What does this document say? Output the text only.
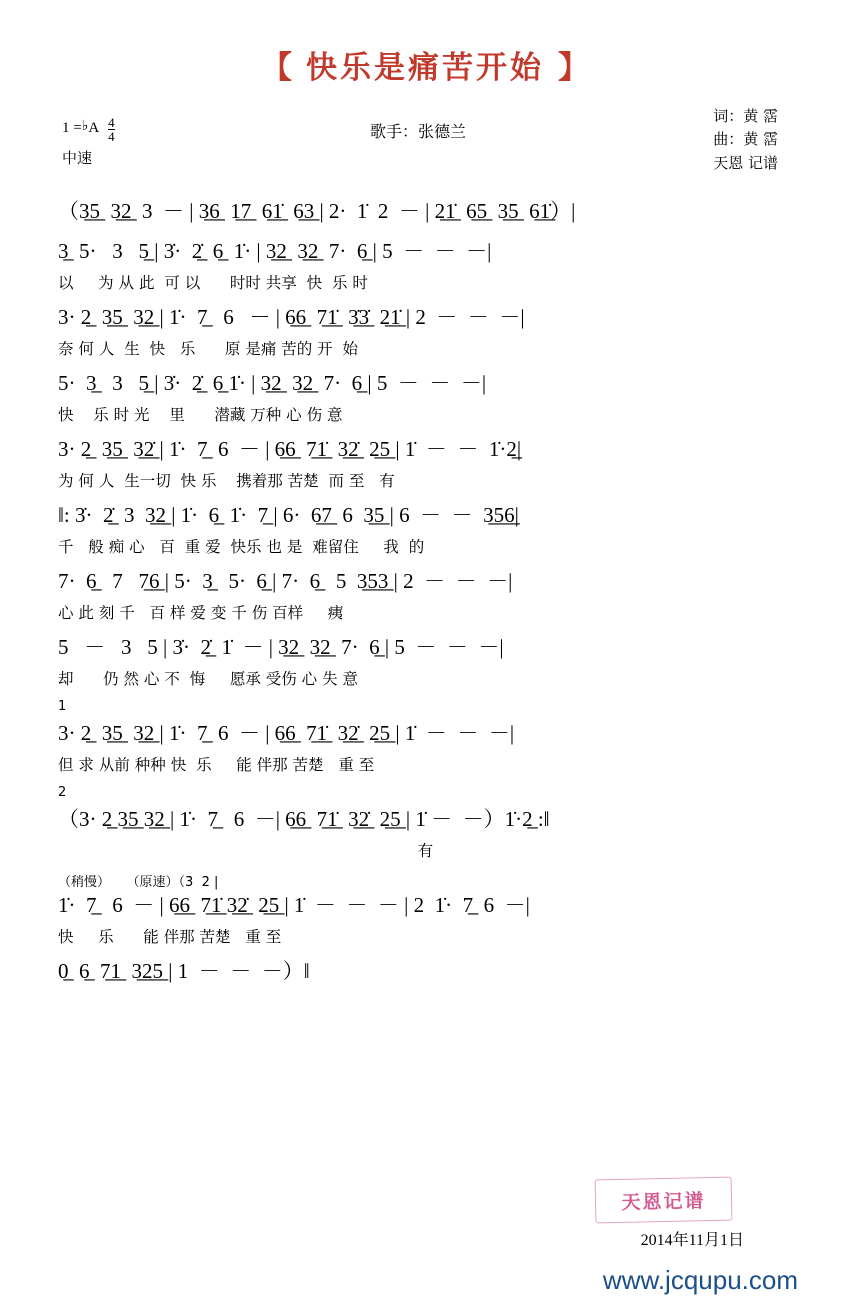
【 快乐是痛苦开始 】
1 =♭A $\frac{4}{4}$
中速
歌手：张德兰
词：黄 霑
曲：黄 霑
天恩 记谱
（3̲5̲  3̲2̲  3  － | 3̲6̲  1̲7̲  6̲1̲̇  6̲3̲ | 2·  1̇  2  － | 2̲1̲̇  6̲5̲  3̲5̲  6̲1̲̇）|
3̲  5·   3   5̲ | 3̇·  2̲̇  6̲  1̇· | 3̲2̲  3̲2̲  7·  6̲ | 5  －  －  －|
以     为 从 此  可 以      时时 共享  快  乐 时
3· 2̲  3̲5̲  3̲2̲ | 1̇·  7̲   6   － | 6̲6̲  7̲1̲̇  3̲̇3̲̇  2̲1̲̇ | 2  －  －  －|
奈 何 人  生  快   乐      原 是痛 苦的 开  始
5·  3̲   3   5̲ | 3̇·  2̲̇  6̲ 1̇· | 3̲2̲  3̲2̲  7·  6̲ | 5  －  －  －|
快    乐 时 光    里      潜藏 万种 心 伤 意
3· 2̲  3̲5̲  3̲2̲̇ | 1̇·  7̲  6  － | 6̲6̲  7̲1̲̇  3̲2̲̇  2̲5̲ | 1̇  －  －  1̇·2̲|
为 何 人  生一切  快 乐    携着那 苦楚  而 至   有
‖: 3̇·  2̲̇  3  3̲2̲ | 1̇·  6̲  1̇·  7̲ | 6·  6̲7̲  6  3̲5̲ | 6  －  －  3̲5̲6̲|
千   般 痴 心   百  重 爱  快乐 也 是  难留住     我  的
7·  6̲   7   7̲6̲ | 5·  3̲   5·  6̲ | 7·  6̲   5  3̲5̲3̲ | 2  －  －  －|
心 此 刻 千   百 样 爱 变 千 伤 百样     痍
5   －   3   5 | 3̇·  2̲̇  1̇  － | 3̲2̲  3̲2̲  7·  6̲ | 5  －  －  －|
却      仍 然 心 不  悔     愿承 受伤 心 失 意
1
3· 2̲  3̲5̲  3̲2̲ | 1̇·  7̲  6  － | 6̲6̲  7̲1̲̇  3̲2̲̇  2̲5̲ | 1̇  －  －  －|
但 求 从前 种种 快  乐     能 伴那 苦楚   重 至
2
（3· 2̲ 3̲5̲ 3̲2̲ | 1̇·  7̲   6  －| 6̲6̲  7̲1̲̇  3̲2̲̇  2̲5̲ | 1̇ －  －）1̇·2̲ :‖
有
（稍慢）    （原速）（3̇  2̇ |
1̇·  7̲   6  － | 6̲6̲  7̲1̲̇ 3̲2̲̇  2̲5̲ | 1̇  －  －  － | 2  1̇·  7̲  6  －|
快     乐      能 伴那 苦楚   重 至
0̲  6̲  7̲1̲  3̲2̲5̲ | 1  －  －  －）‖
天恩记谱
2014年11月1日
www.jcqupu.com
